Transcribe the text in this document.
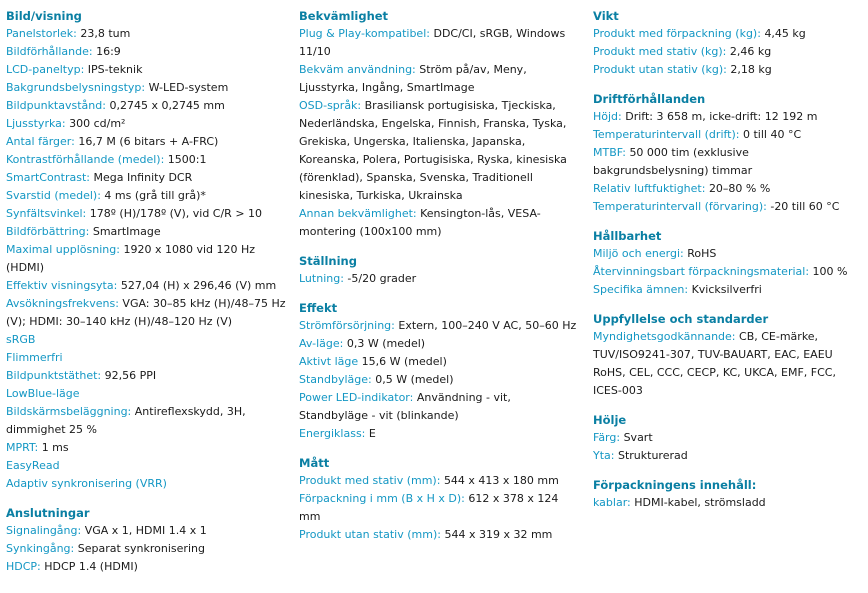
Bild/visning
Panelstorlek: 23,8 tum
Bildförhållande: 16:9
LCD-paneltyp: IPS-teknik
Bakgrundsbelysningstyp: W-LED-system
Bildpunktavstånd: 0,2745 x 0,2745 mm
Ljusstyrka: 300 cd/m²
Antal färger: 16,7 M (6 bitars + A-FRC)
Kontrastförhållande (medel): 1500:1
SmartContrast: Mega Infinity DCR
Svarstid (medel): 4 ms (grå till grå)*
Synfältsvinkel: 178º (H)/178º (V), vid C/R > 10
Bildförbättring: SmartImage
Maximal upplösning: 1920 x 1080 vid 120 Hz (HDMI)
Effektiv visningsyta: 527,04 (H) x 296,46 (V) mm
Avsökningsfrekvens: VGA: 30–85 kHz (H)/48–75 Hz (V); HDMI: 30–140 kHz (H)/48–120 Hz (V)
sRGB
Flimmerfri
Bildpunktstäthet: 92,56 PPI
LowBlue-läge
Bildskärmsbeläggning: Antireflexskydd, 3H, dimmighet 25 %
MPRT: 1 ms
EasyRead
Adaptiv synkronisering (VRR)
Anslutningar
Signalingång: VGA x 1, HDMI 1.4 x 1
Synkingång: Separat synkronisering
HDCP: HDCP 1.4 (HDMI)
Bekvämlighet
Plug & Play-kompatibel: DDC/CI, sRGB, Windows 11/10
Bekväm användning: Ström på/av, Meny, Ljusstyrka, Ingång, SmartImage
OSD-språk: Brasiliansk portugisiska, Tjeckiska, Nederländska, Engelska, Finnish, Franska, Tyska, Grekiska, Ungerska, Italienska, Japanska, Koreanska, Polera, Portugisiska, Ryska, kinesiska (förenklad), Spanska, Svenska, Traditionell kinesiska, Turkiska, Ukrainska
Annan bekvämlighet: Kensington-lås, VESA-montering (100x100 mm)
Ställning
Lutning: -5/20 grader
Effekt
Strömförsörjning: Extern, 100–240 V AC, 50–60 Hz
Av-läge: 0,3 W (medel)
Aktivt läge 15,6 W (medel)
Standbyläge: 0,5 W (medel)
Power LED-indikator: Användning - vit, Standbyläge - vit (blinkande)
Energiklass: E
Mått
Produkt med stativ (mm): 544 x 413 x 180 mm
Förpackning i mm (B x H x D): 612 x 378 x 124 mm
Produkt utan stativ (mm): 544 x 319 x 32 mm
Vikt
Produkt med förpackning (kg): 4,45 kg
Produkt med stativ (kg): 2,46 kg
Produkt utan stativ (kg): 2,18 kg
Driftförhållanden
Höjd: Drift: 3 658 m, icke-drift: 12 192 m
Temperaturintervall (drift): 0 till 40 °C
MTBF: 50 000 tim (exklusive bakgrundsbelysning) timmar
Relativ luftfuktighet: 20–80 % %
Temperaturintervall (förvaring): -20 till 60 °C
Hållbarhet
Miljö och energi: RoHS
Återvinningsbart förpackningsmaterial: 100 %
Specifika ämnen: Kvicksilverfri
Uppfyllelse och standarder
Myndighetsgodkännande: CB, CE-märke, TUV/ISO9241-307, TUV-BAUART, EAC, EAEU RoHS, CEL, CCC, CECP, KC, UKCA, EMF, FCC, ICES-003
Hölje
Färg: Svart
Yta: Strukturerad
Förpackningens innehåll:
kablar: HDMI-kabel, strömsladd
